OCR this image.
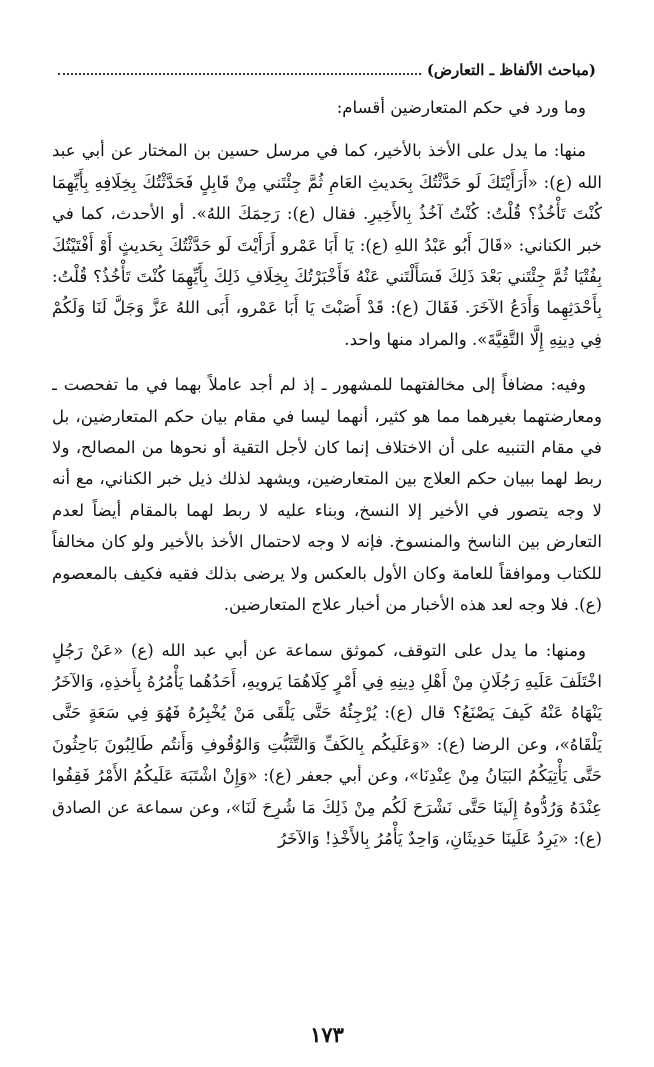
(مباحث الألفاظ ـ التعارض)

وما ورد في حكم المتعارضين أقسام:

منها: ما يدل على الأخذ بالأخير، كما في مرسل حسين بن المختار عن أبي عبد الله (ع): «أَرَأَيْتَكَ لَو حَدَّثْتُكَ بِحَديثِ العَامِ ثُمَّ جِئْتَني مِنْ قَابِلٍ فَحَدَّثْتُكَ بِخِلَافِهِ بِأَيِّهِمَا كُنْتَ تَأْخُذُ؟ قُلْتُ: كُنْتُ آخُذُ بِالأَخِيرِ. فقال (ع): رَحِمَكَ اللهُ». أو الأحدث، كما في خبر الكناني: «قَالَ أَبُو عَبْدُ اللهِ (ع): يَا أَبَا عَمْرو أَرَأَيْتَ لَو حَدَّثْتُكَ بِحَديثٍ أَوْ أَفْتَيْتُكَ بِفُتْيَا ثُمَّ جِئْتَني بَعْدَ ذَلِكَ فَسَأَلْتَني عَنْهُ فَأَخْبَرْتُكَ بِخِلَافِ ذَلِكَ بِأَيِّهِمَا كُنْتَ تَأْخُذُ؟ قُلْتُ: بِأَحْدَثِهِما وَأَدَعُ الآخَرَ. فَقَالَ (ع): قَدْ أَصَبْتَ يَا أَبَا عَمْرو، أَبَى اللهُ عَزَّ وَجَلَّ لَنَا وَلَكُمْ فِي دِينِهِ إِلَّا التَّقِيَّةَ». والمراد منها واحد.

وفيه: مضافاً إلى مخالفتهما للمشهور ـ إذ لم أجد عاملاً بهما في ما تفحصت ـ ومعارضتهما بغيرهما مما هو كثير، أنهما ليسا في مقام بيان حكم المتعارضين، بل في مقام التنبيه على أن الاختلاف إنما كان لأجل التقية أو نحوها من المصالح، ولا ربط لهما ببيان حكم العلاج بين المتعارضين، ويشهد لذلك ذيل خبر الكناني، مع أنه لا وجه يتصور في الأخير إلا النسخ، وبناء عليه لا ربط لهما بالمقام أيضاً لعدم التعارض بين الناسخ والمنسوخ. فإنه لا وجه لاحتمال الأخذ بالأخير ولو كان مخالفاً للكتاب وموافقاً للعامة وكان الأول بالعكس ولا يرضى بذلك فقيه فكيف بالمعصوم (ع). فلا وجه لعد هذه الأخبار من أخبار علاج المتعارضين.

ومنها: ما يدل على التوقف، كموثق سماعة عن أبي عبد الله (ع) «عَنْ رَجُلٍ اخْتَلَفَ عَلَيهِ رَجُلَانِ مِنْ أَهْلِ دِينِهِ فِي أَمْرٍ كِلَاهُمَا يَرويهِ، أَحَدُهُما يَأْمُرُهُ بِأَخذِهِ، وَالآخَرُ يَنْهَاهُ عَنْهُ كَيفَ يَصْنَعُ؟ قال (ع): يُرْجِئُهُ حَتَّى يَلْقَى مَنْ يُخْبِرُهُ فَهُوَ فِي سَعَةٍ حَتَّى يَلْقَاهُ»، وعن الرضا (ع): «وَعَلَيكُم بِالكَفِّ وَالتَّثَبُّتِ وَالوُقُوفِ وَأَنتُم طَالِبُونَ بَاحِثُونَ حَتَّى يَأْتِيَكُمُ البَيَانُ مِنْ عِنْدِنَا»، وعن أبي جعفر (ع): «وَإِنْ اشْتَبَهَ عَلَيكُمُ الأَمْرُ فَقِفُوا عِنْدَهُ وَرُدُّوهُ إِلَينَا حَتَّى نَشْرَحَ لَكُم مِنْ ذَلِكَ مَا شُرِحَ لَنَا»، وعن سماعة عن الصادق (ع): «يَرِدُ عَلَينَا حَدِيثَانِ، وَاحِدٌ يَأْمُرُ بِالأَخْذِ! وَالآخَرُ

١٧٣
